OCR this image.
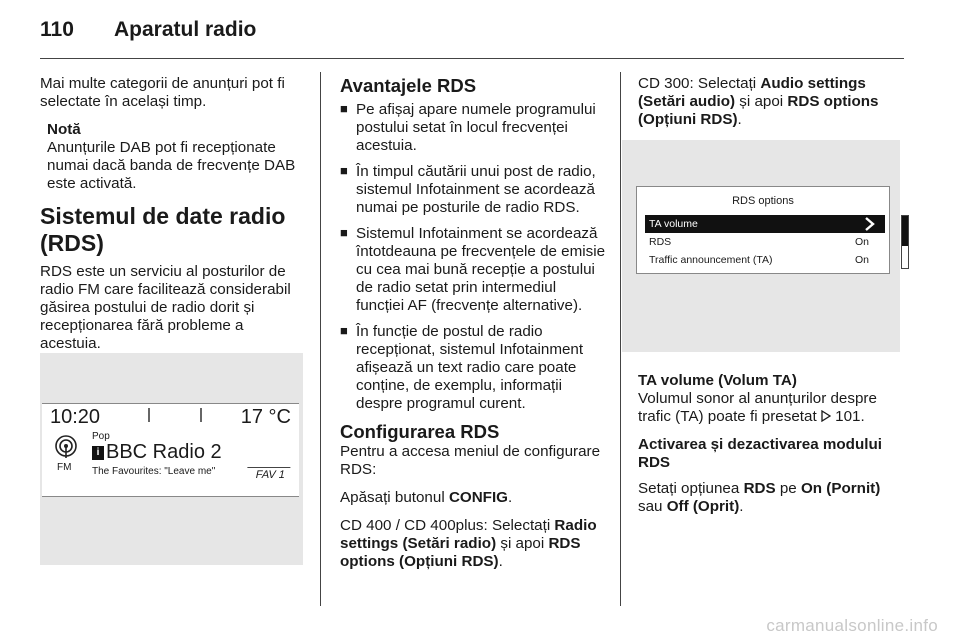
110 Aparatul radio

Mai multe categorii de anunțuri pot fi selectate în același timp.

Notă
Anunțurile DAB pot fi recepționate numai dacă banda de frecvențe DAB este activată.
Sistemul de date radio (RDS)

RDS este un serviciu al posturilor de radio FM care facilitează considerabil găsirea postului de radio dorit și recepționarea fără probleme a acestuia.

10:20	17 °C
FM
Pop
i BBC Radio 2
The Favourites: "Leave me"	FAV 1
Avantajele RDS
■ Pe afișaj apare numele programului postului setat în locul frecvenței acestuia.
■ În timpul căutării unui post de radio, sistemul Infotainment se acordează numai pe posturile de radio RDS.
■ Sistemul Infotainment se acordează întotdeauna pe frecvențele de emisie cu cea mai bună recepție a postului de radio setat prin intermediul funcției AF (frecvențe alternative).
■ În funcție de postul de radio recepționat, sistemul Infotainment afișează un text radio care poate conține, de exemplu, informații despre programul curent.
Configurarea RDS

Pentru a accesa meniul de configurare RDS:

Apăsați butonul CONFIG.

CD 400 / CD 400plus: Selectați Radio settings (Setări radio) și apoi RDS options (Opțiuni RDS).

CD 300: Selectați Audio settings (Setări audio) și apoi RDS options (Opțiuni RDS).

RDS options
TA volume
RDS	On
Traffic announcement (TA)	On
TA volume (Volum TA)

Volumul sonor al anunțurilor despre trafic (TA) poate fi presetat  101.

Activarea și dezactivarea modului RDS

Setați opțiunea RDS pe On (Pornit) sau Off (Oprit).

carmanualsonline.info
